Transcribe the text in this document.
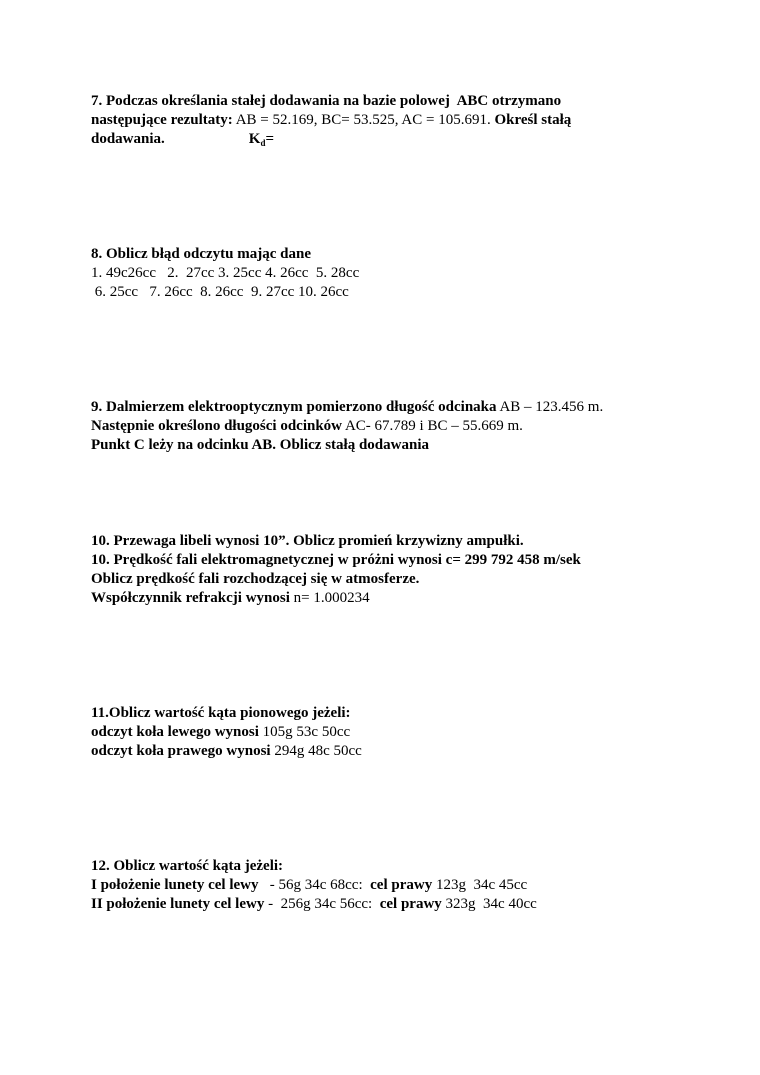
7. Podczas określania stałej dodawania na bazie polowej  ABC otrzymano
następujące rezultaty: AB = 52.169, BC= 53.525, AC = 105.691. Określ stałą
dodawania.	$K_d=$
8. Oblicz błąd odczytu mając dane
1. 49c26cc   2.  27cc 3. 25cc 4. 26cc  5. 28cc
6. 25cc   7. 26cc  8. 26cc  9. 27cc 10. 26cc
9. Dalmierzem elektrooptycznym pomierzono długość odcinaka AB – 123.456 m.
Następnie określono długości odcinków AC- 67.789 i BC – 55.669 m.
Punkt C leży na odcinku AB. Oblicz stałą dodawania
10. Przewaga libeli wynosi 10”. Oblicz promień krzywizny ampułki.
10. Prędkość fali elektromagnetycznej w próżni wynosi c= 299 792 458 m/sek
Oblicz prędkość fali rozchodzącej się w atmosferze.
Współczynnik refrakcji wynosi n= 1.000234
11.Oblicz wartość kąta pionowego jeżeli:
odczyt koła lewego wynosi 105g 53c 50cc
odczyt koła prawego wynosi 294g 48c 50cc
12. Oblicz wartość kąta jeżeli:
I położenie lunety cel lewy   - 56g 34c 68cc:  cel prawy 123g  34c 45cc
II położenie lunety cel lewy -  256g 34c 56cc:  cel prawy 323g  34c 40cc
